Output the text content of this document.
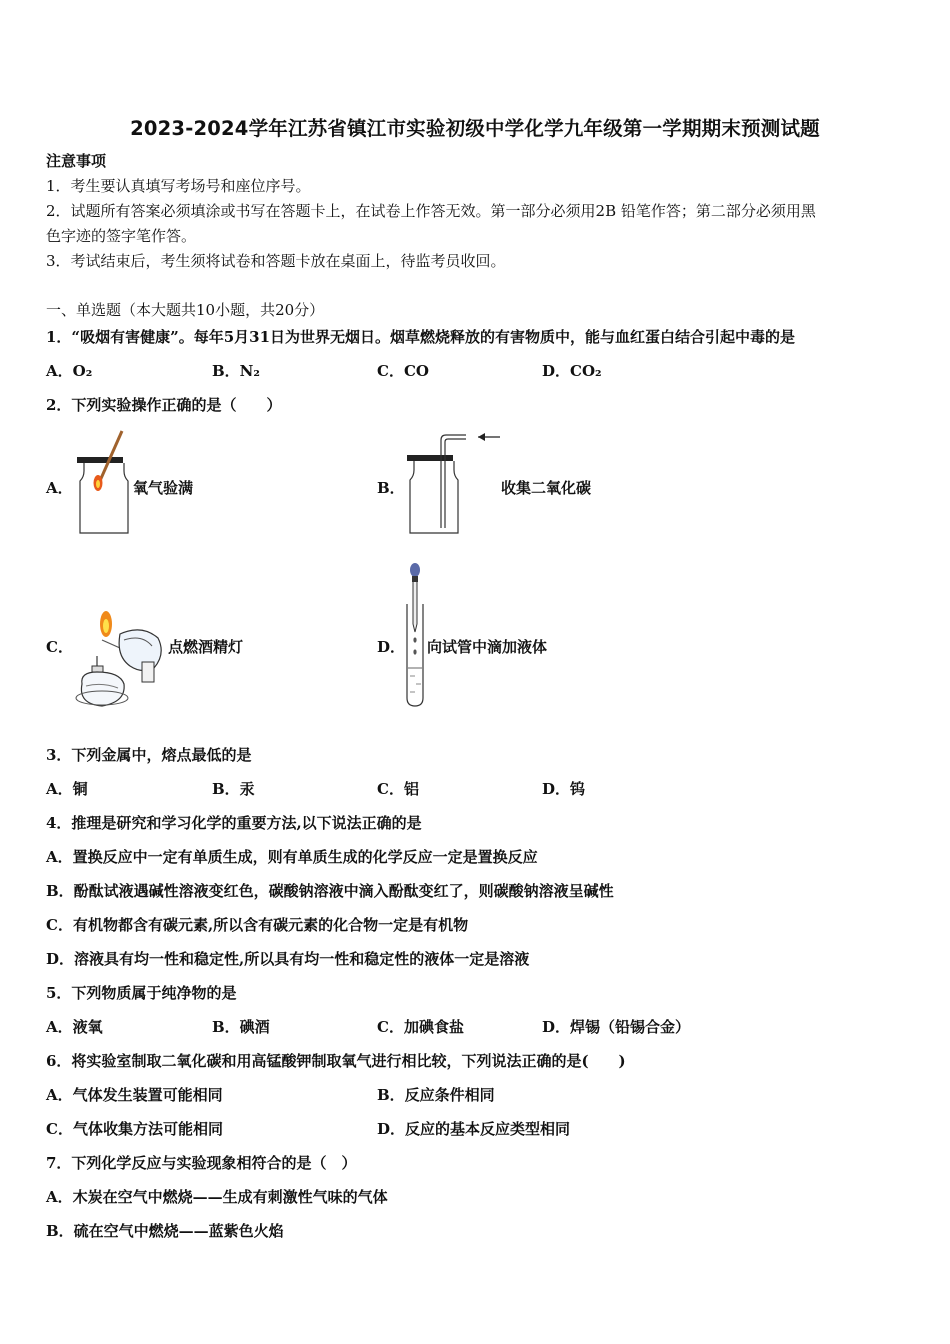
2023-2024学年江苏省镇江市实验初级中学化学九年级第一学期期末预测试题
注意事项
1．考生要认真填写考场号和座位序号。
2．试题所有答案必须填涂或书写在答题卡上，在试卷上作答无效。第一部分必须用2B 铅笔作答；第二部分必须用黑
色字迹的签字笔作答。
3．考试结束后，考生须将试卷和答题卡放在桌面上，待监考员收回。
一、单选题（本大题共10小题，共20分）
1．“吸烟有害健康”。每年5月31日为世界无烟日。烟草燃烧释放的有害物质中，能与血红蛋白结合引起中毒的是
A．O₂	B．N₂	C．CO	D．CO₂
2．下列实验操作正确的是（　　）
A．	氧气验满	B．	收集二氧化碳
C．	点燃酒精灯	D． 向试管中滴加液体
3．下列金属中，熔点最低的是
A．铜	B．汞	C．铝	D．钨
4．推理是研究和学习化学的重要方法,以下说法正确的是
A．置换反应中一定有单质生成，则有单质生成的化学反应一定是置换反应
B．酚酞试液遇碱性溶液变红色，碳酸钠溶液中滴入酚酞变红了，则碳酸钠溶液呈碱性
C．有机物都含有碳元素,所以含有碳元素的化合物一定是有机物
D．溶液具有均一性和稳定性,所以具有均一性和稳定性的液体一定是溶液
5．下列物质属于纯净物的是
A．液氧	B．碘酒	C．加碘食盐	D．焊锡（铅锡合金）
6．将实验室制取二氧化碳和用高锰酸钾制取氧气进行相比较，下列说法正确的是(　　)
A．气体发生装置可能相同	B．反应条件相同
C．气体收集方法可能相同	D．反应的基本反应类型相同
7．下列化学反应与实验现象相符合的是（　）
A．木炭在空气中燃烧——生成有刺激性气味的气体
B．硫在空气中燃烧——蓝紫色火焰
